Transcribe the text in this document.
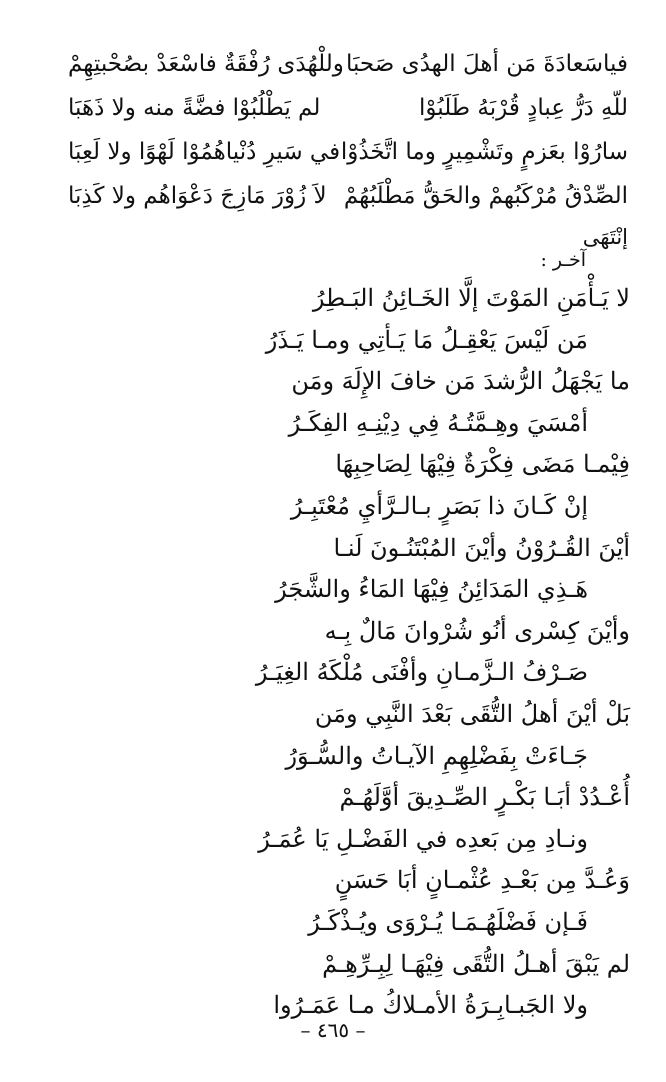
فياسَعادَةَ مَن أهلَ الهدُى صَحبَا
وللْهُدَى رُفْقَةٌ فاسْعَدْ بصُحْبتِهِمْ
للّهِ دَرُّ عِبادٍ قُرْبَهُ طَلَبُوْا
لم يَطْلُبُوْا فضَّةً منه ولا ذَهَبَا
سارُوْا بعَزمٍ وتَشْمِيرٍ وما اتَّخَذُوْا
في سَيرِ دُنْياهُمُوْا لَهْوًا ولا لَعِبَا
الصِّدْقُ مُرْكَبُهمْ والحَقُّ مَطْلَبُهُمْ
لاَ زُوْرَ مَازِجَ دَعْوَاهُم ولا كَذِبَا
إنْتَهَى
آخـر :
لا يَـأْمَنِ المَوْتَ إلَّا الخَـائِنُ البَـطِرُ
مَن لَيْسَ يَعْقِـلُ مَا يَـأتِي ومـا يَـذَرُ
ما يَجْهَلُ الرُّشدَ مَن خافَ الإِلَهَ ومَن
أمْسَيَ وهِـمَّتُـهُ فِي دِيْنِـهِ الفِكَـرُ
فِيْمـا مَضَى فِكْرَةٌ فِيْهَا لِصَاحِبِهَا
إنْ كَـانَ ذا بَصَرٍ بـالـرَّأيِ مُعْتَبِـرُ
أيْنَ القُـرُوْنُ وأيْنَ المُبْتَنُـونَ لَنـا
هَـذِي المَدَائِنُ فِيْهَا المَاءُ والشَّجَرُ
وأيْنَ كِسْرى أنُو شُرْوانَ مَالٌ بِـه
صَـرْفُ الـزَّمـانِ وأفْنَى مُلْكَهُ الغِيَـرُ
بَلْ أيْنَ أهلُ التُّقَى بَعْدَ النَّبِي ومَن
جَـاءَتْ بِفَضْلِهِمِ الآيـاتُ والسُّـوَرُ
أُعْـدُدْ أبَـا بَكْـرٍ الصِّـدِيقَ أوَّلَهُـمْ
ونـادِ مِن بَعدِه في الفَضْـلِ يَا عُمَـرُ
وَعُـدَّ مِن بَعْـدِ عُثْمـانٍ أبَا حَسَنٍ
فَـإن فَضْلَهُـمَـا يُـرْوَى ويُـذْكَـرُ
لم يَبْقَ أهـلُ التُّقَى فِيْهَـا لِبِـرِّهِـمْ
ولا الجَبـابِـرَةُ الأمـلاكُ مـا عَمَـرُوا
– ٤٦٥ –
